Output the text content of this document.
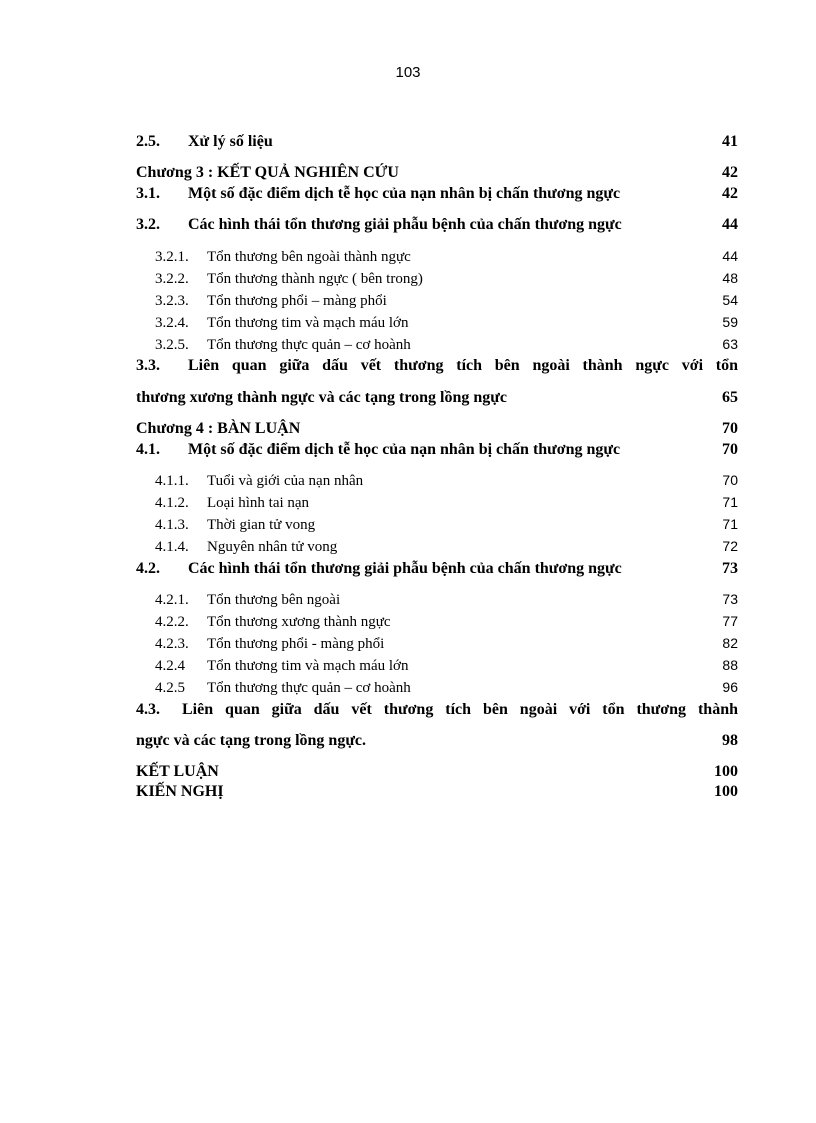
103
2.5.	Xử lý số liệu	41
Chương 3 : KẾT QUẢ NGHIÊN CỨU	42
3.1.	Một số đặc điểm dịch tễ học của nạn nhân bị chấn thương ngực	42
3.2.	Các hình thái tổn thương giải phẫu bệnh của chấn thương ngực	44
3.2.1.	Tổn thương bên ngoài thành ngực	44
3.2.2.	Tổn thương thành ngực ( bên trong)	48
3.2.3.	Tổn thương phổi – màng phổi	54
3.2.4.	Tổn thương tim và mạch máu lớn	59
3.2.5.	Tổn thương thực quản – cơ hoành	63
3.3.	Liên quan giữa dấu vết thương tích bên ngoài thành ngực với tổn
thương xương thành ngực và các tạng trong lồng ngực	65
Chương 4 : BÀN LUẬN	70
4.1.	Một số đặc điểm dịch tễ học của nạn nhân bị chấn thương ngực	70
4.1.1.	Tuổi và giới của nạn nhân	70
4.1.2.	Loại hình tai nạn	71
4.1.3.	Thời gian tử vong	71
4.1.4.	Nguyên nhân tử vong	72
4.2.	Các hình thái tổn thương giải phẫu bệnh của chấn thương ngực	73
4.2.1.	Tổn thương bên ngoài	73
4.2.2.	Tổn thương xương thành ngực	77
4.2.3.	Tổn thương phổi - màng phổi	82
4.2.4	Tổn thương tim và mạch máu lớn	88
4.2.5	Tổn thương thực quản – cơ hoành	96
4.3.	Liên quan giữa dấu vết thương tích bên ngoài với tổn thương thành
ngực và các tạng trong lồng ngực.	98
KẾT LUẬN	100
KIẾN NGHỊ	100
